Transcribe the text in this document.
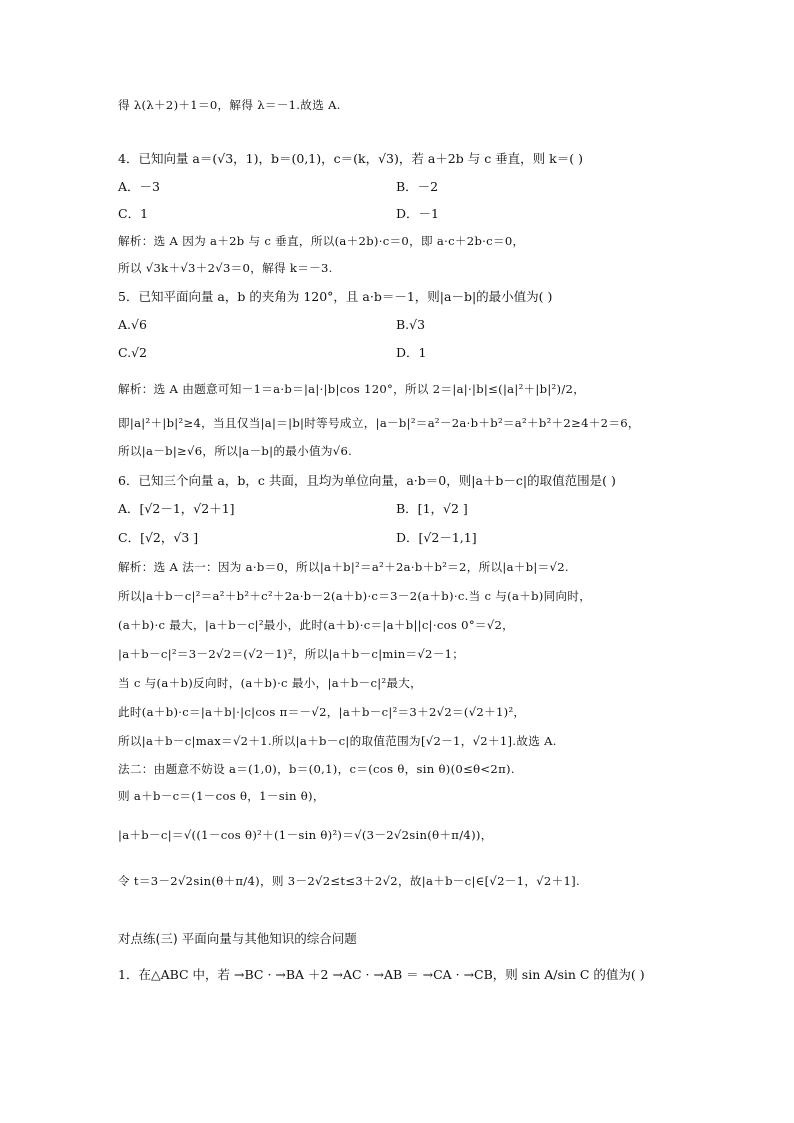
得 λ(λ＋2)＋1＝0，解得 λ＝－1.故选 A.
4．已知向量 a＝(√3，1)，b＝(0,1)，c＝(k，√3)，若 a＋2b 与 c 垂直，则 k＝( )
A．－3	B．－2
C．1	D．－1
解析：选 A 因为 a＋2b 与 c 垂直，所以(a＋2b)·c＝0，即 a·c＋2b·c＝0，
所以 √3k＋√3＋2√3＝0，解得 k＝－3.
5．已知平面向量 a，b 的夹角为 120°，且 a·b＝－1，则|a－b|的最小值为( )
A.√6	B.√3
C.√2	D．1
解析：选 A 由题意可知－1＝a·b＝|a|·|b|cos 120°，所以 2＝|a|·|b|≤(|a|²＋|b|²)/2，
即|a|²＋|b|²≥4，当且仅当|a|＝|b|时等号成立，|a－b|²＝a²－2a·b＋b²＝a²＋b²＋2≥4＋2＝6，
所以|a－b|≥√6，所以|a－b|的最小值为√6.
6．已知三个向量 a，b，c 共面，且均为单位向量，a·b＝0，则|a＋b－c|的取值范围是( )
A．[√2－1，√2＋1]	B．[1，√2 ]
C．[√2，√3 ]	D．[√2－1,1]
解析：选 A 法一：因为 a·b＝0，所以|a＋b|²＝a²＋2a·b＋b²＝2，所以|a＋b|＝√2.
所以|a＋b－c|²＝a²＋b²＋c²＋2a·b－2(a＋b)·c＝3－2(a＋b)·c.当 c 与(a＋b)同向时，
(a＋b)·c 最大，|a＋b－c|²最小，此时(a＋b)·c＝|a＋b||c|·cos 0°＝√2，
|a＋b－c|²＝3－2√2＝(√2－1)²，所以|a＋b－c|min＝√2－1；
当 c 与(a＋b)反向时，(a＋b)·c 最小，|a＋b－c|²最大，
此时(a＋b)·c＝|a＋b|·|c|cos π＝－√2，|a＋b－c|²＝3＋2√2＝(√2＋1)²，
所以|a＋b－c|max＝√2＋1.所以|a＋b－c|的取值范围为[√2－1，√2＋1].故选 A.
法二：由题意不妨设 a＝(1,0)，b＝(0,1)，c＝(cos θ，sin θ)(0≤θ<2π).
则 a＋b－c＝(1－cos θ，1－sin θ)，
|a＋b－c|＝√((1－cos θ)²＋(1－sin θ)²)＝√(3－2√2sin(θ＋π/4))，
令 t＝3－2√2sin(θ＋π/4)，则 3－2√2≤t≤3＋2√2，故|a＋b－c|∈[√2－1，√2＋1].
对点练(三) 平面向量与其他知识的综合问题
1．在△ABC 中，若 →BC · →BA ＋2 →AC · →AB ＝ →CA · →CB，则 sin A/sin C 的值为( )
